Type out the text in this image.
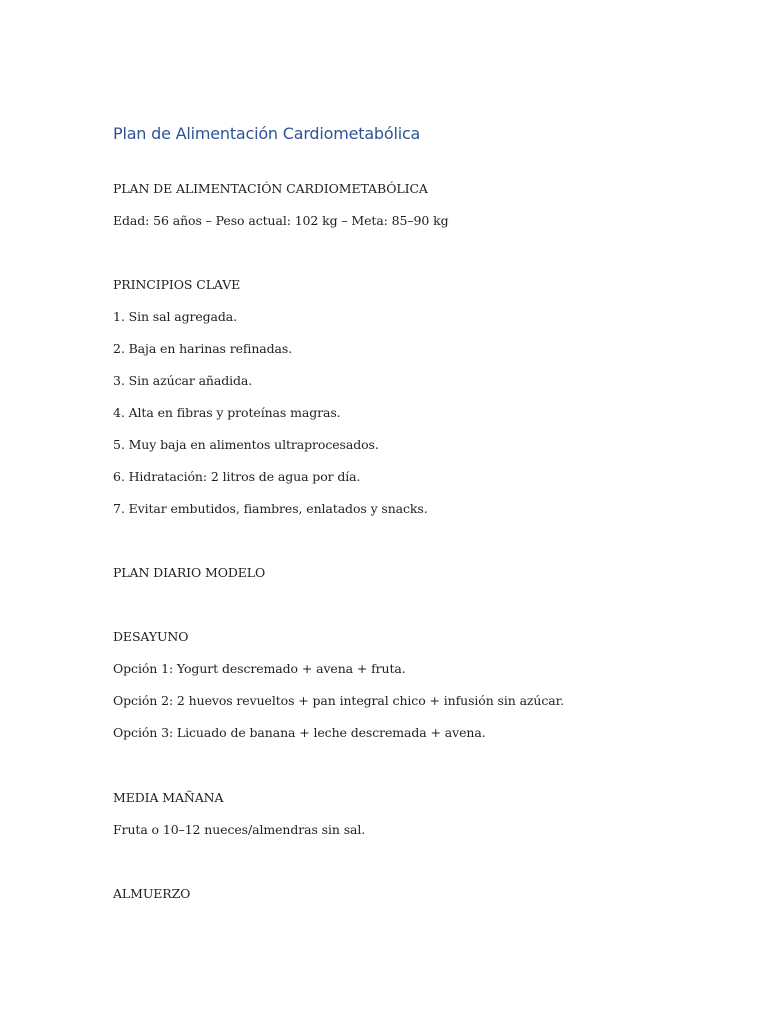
Plan de Alimentación Cardiometabólica
PLAN DE ALIMENTACIÓN CARDIOMETABÓLICA
Edad: 56 años – Peso actual: 102 kg – Meta: 85–90 kg
PRINCIPIOS CLAVE
1. Sin sal agregada.
2. Baja en harinas refinadas.
3. Sin azúcar añadida.
4. Alta en fibras y proteínas magras.
5. Muy baja en alimentos ultraprocesados.
6. Hidratación: 2 litros de agua por día.
7. Evitar embutidos, fiambres, enlatados y snacks.
PLAN DIARIO MODELO
DESAYUNO
Opción 1: Yogurt descremado + avena + fruta.
Opción 2: 2 huevos revueltos + pan integral chico + infusión sin azúcar.
Opción 3: Licuado de banana + leche descremada + avena.
MEDIA MAÑANA
Fruta o 10–12 nueces/almendras sin sal.
ALMUERZO
